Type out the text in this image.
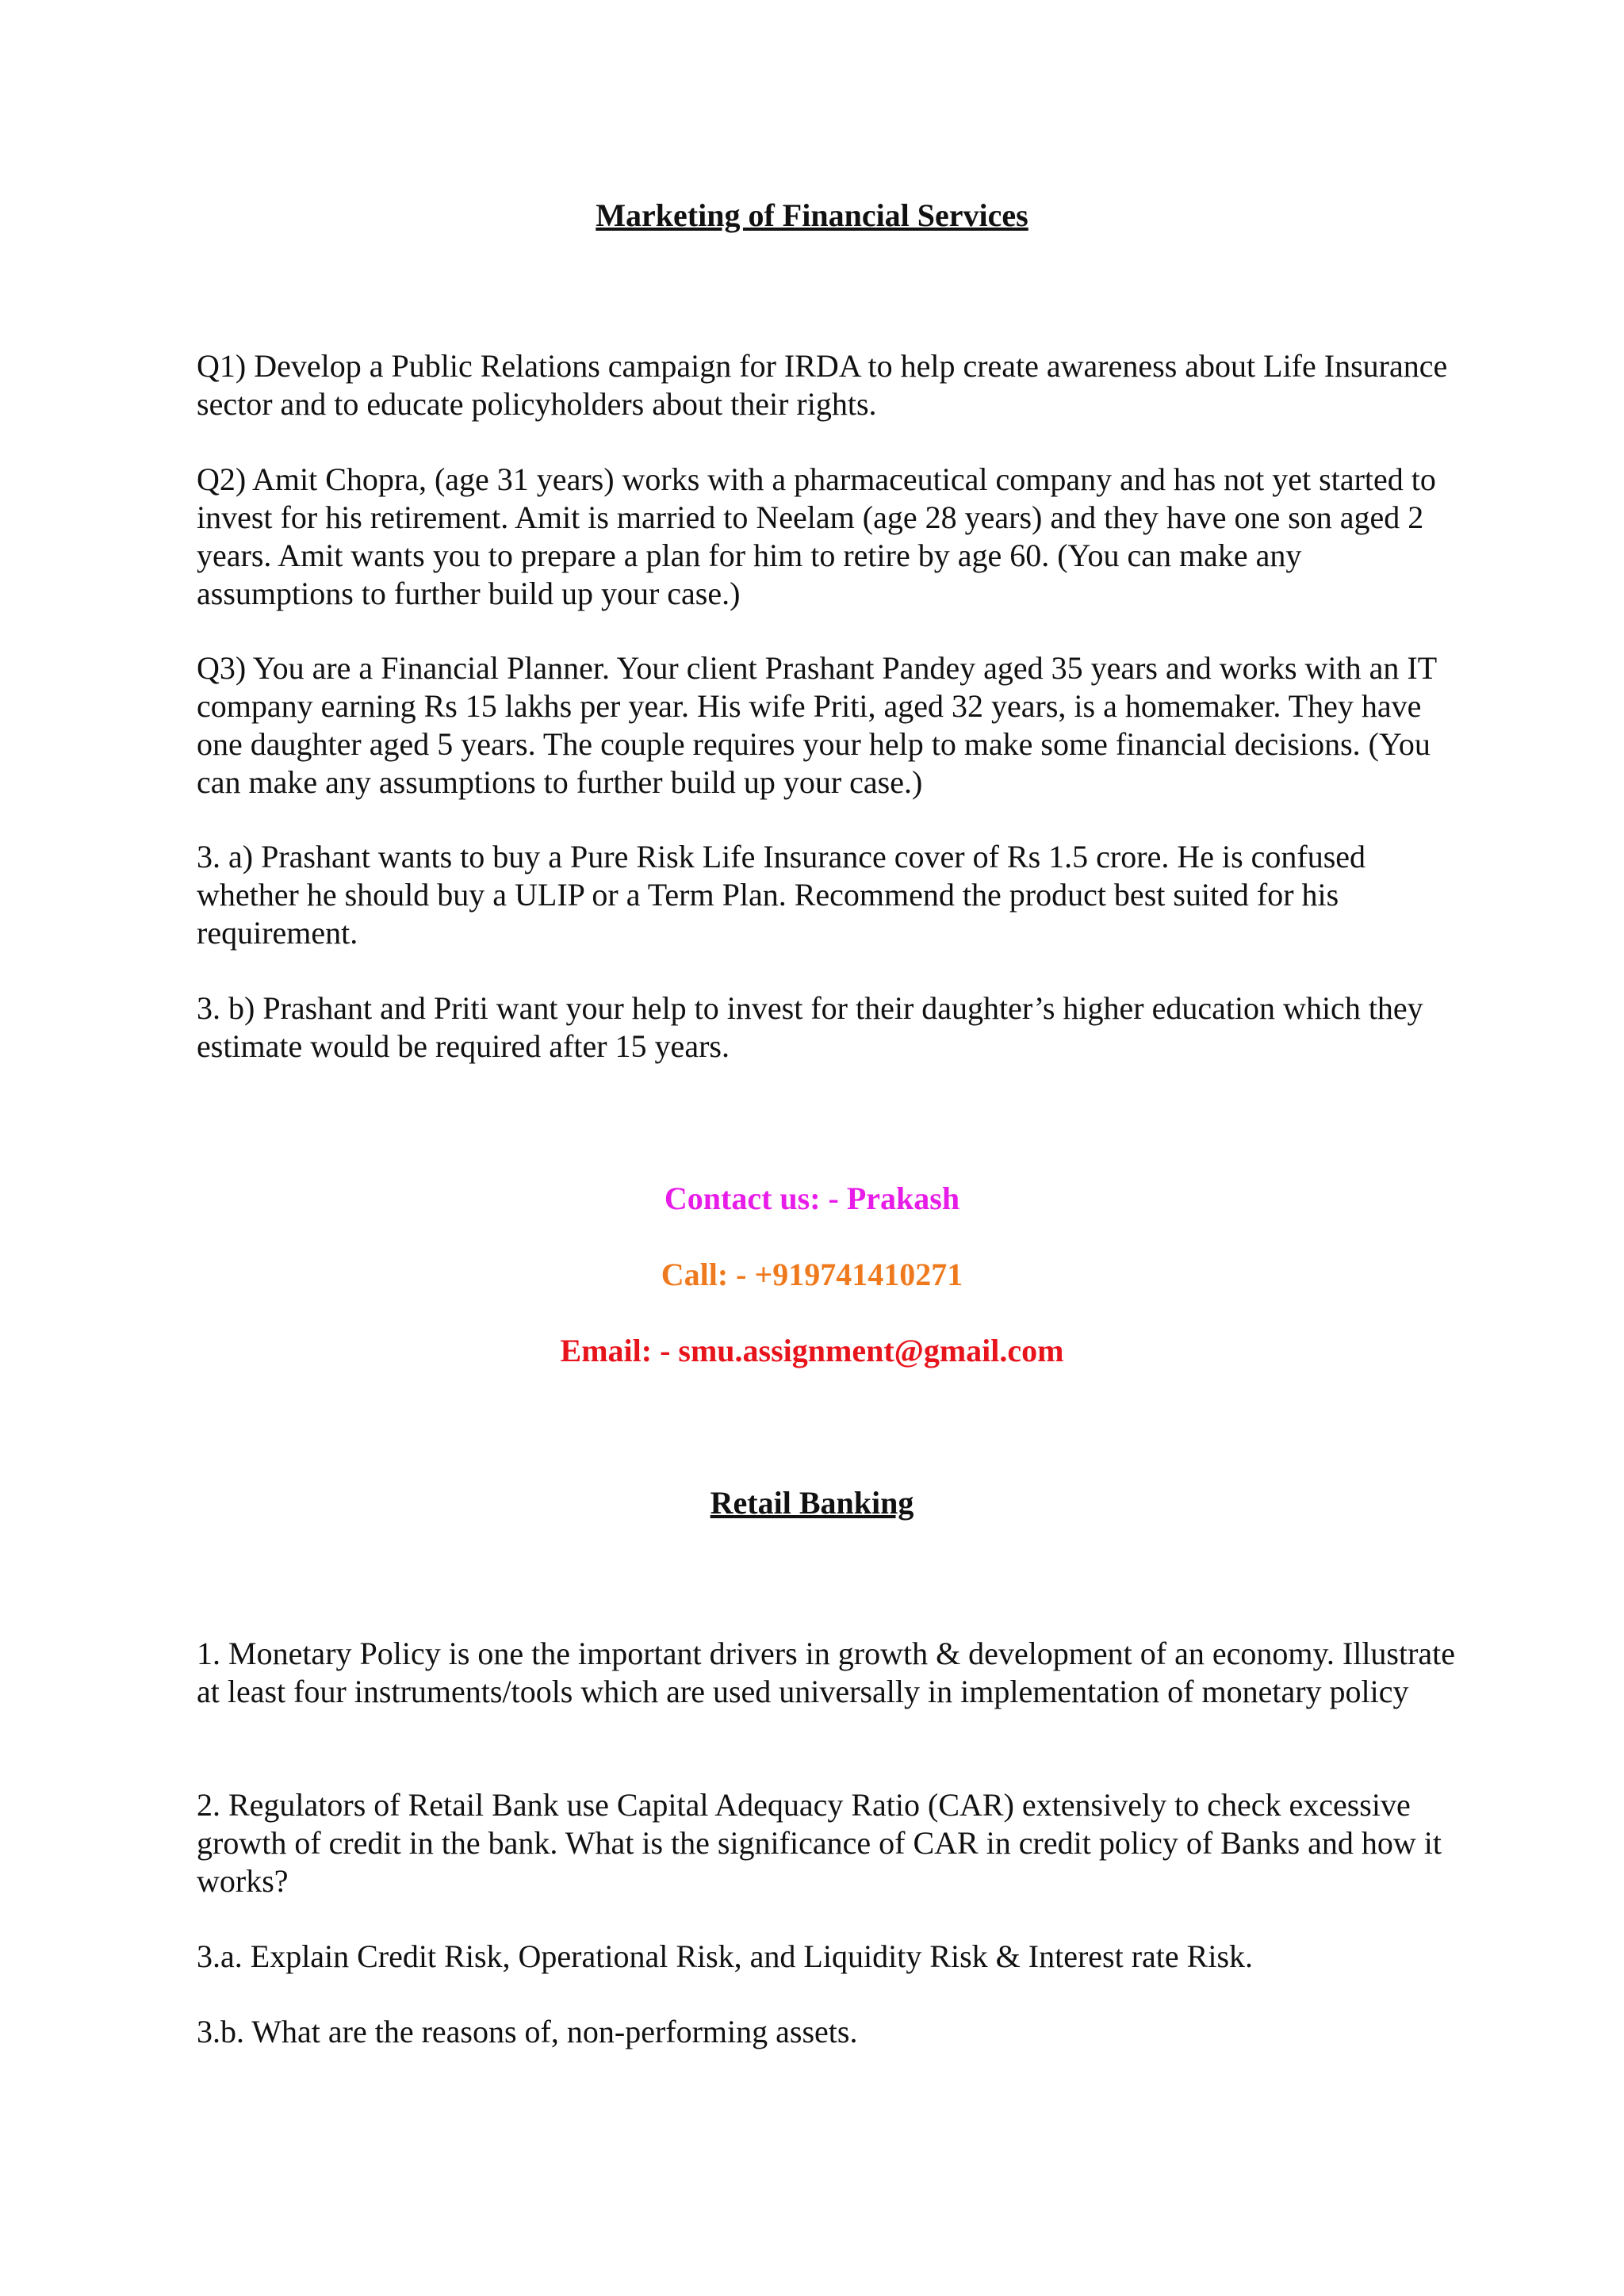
Marketing of Financial Services

Q1) Develop a Public Relations campaign for IRDA to help create awareness about Life Insurance sector and to educate policyholders about their rights.

Q2) Amit Chopra, (age 31 years) works with a pharmaceutical company and has not yet started to invest for his retirement. Amit is married to Neelam (age 28 years) and they have one son aged 2 years. Amit wants you to prepare a plan for him to retire by age 60. (You can make any assumptions to further build up your case.)

Q3) You are a Financial Planner. Your client Prashant Pandey aged 35 years and works with an IT company earning Rs 15 lakhs per year. His wife Priti, aged 32 years, is a homemaker. They have one daughter aged 5 years. The couple requires your help to make some financial decisions. (You can make any assumptions to further build up your case.)

3. a) Prashant wants to buy a Pure Risk Life Insurance cover of Rs 1.5 crore. He is confused whether he should buy a ULIP or a Term Plan. Recommend the product best suited for his requirement.

3. b) Prashant and Priti want your help to invest for their daughter’s higher education which they estimate would be required after 15 years.

Contact us: - Prakash

Call: - +919741410271

Email: - smu.assignment@gmail.com

Retail Banking

1. Monetary Policy is one the important drivers in growth & development of an economy. Illustrate at least four instruments/tools which are used universally in implementation of monetary policy

2. Regulators of Retail Bank use Capital Adequacy Ratio (CAR) extensively to check excessive growth of credit in the bank. What is the significance of CAR in credit policy of Banks and how it works?

3.a. Explain Credit Risk, Operational Risk, and Liquidity Risk & Interest rate Risk.

3.b. What are the reasons of, non-performing assets.
